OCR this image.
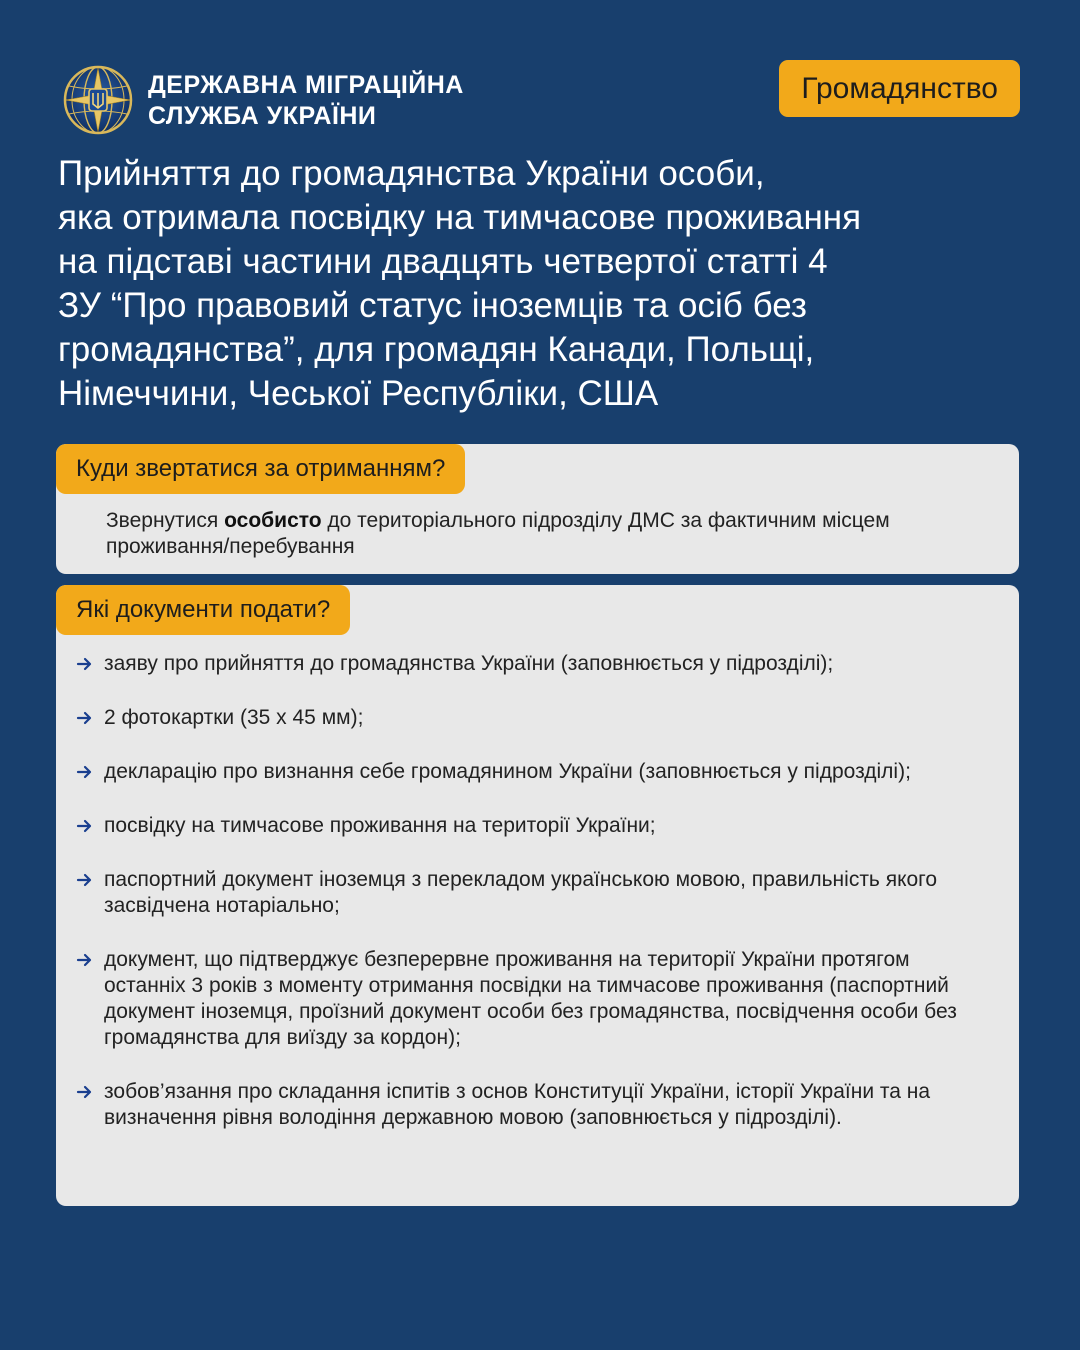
ДЕРЖАВНА МІГРАЦІЙНА
СЛУЖБА УКРАЇНИ
Громадянство
Прийняття до громадянства України особи,
яка отримала посвідку на тимчасове проживання
на підставі частини двадцять четвертої статті 4
ЗУ “Про правовий статус іноземців та осіб без
громадянства”, для громадян Канади, Польщі,
Німеччини, Чеської Республіки, США
Куди звертатися за отриманням?
Звернутися особисто до територіального підрозділу ДМС за фактичним місцем проживання/перебування
Які документи подати?
заяву про прийняття до громадянства України (заповнюється у підрозділі);
2 фотокартки (35 х 45 мм);
декларацію про визнання себе громадянином України (заповнюється у підрозділі);
посвідку на тимчасове проживання на території України;
паспортний документ іноземця з перекладом українською мовою, правильність якого засвідчена нотаріально;
документ, що підтверджує безперервне проживання на території України протягом останніх 3 років з моменту отримання посвідки на тимчасове проживання (паспортний документ іноземця, проїзний документ особи без громадянства, посвідчення особи без громадянства для виїзду за кордон);
зобов’язання про складання іспитів з основ Конституції України, історії України та на визначення рівня володіння державною мовою (заповнюється у підрозділі).
